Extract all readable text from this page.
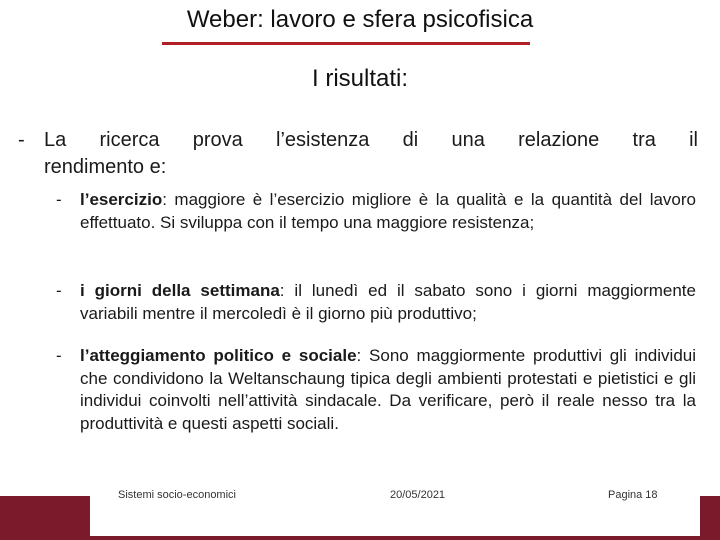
Weber: lavoro e sfera psicofisica
I risultati:
- La ricerca prova l’esistenza di una relazione tra il
rendimento e:
- l’esercizio: maggiore è l’esercizio migliore è la qualità e la quantità del lavoro effettuato. Si sviluppa con il tempo una maggiore resistenza;
- i giorni della settimana: il lunedì ed il sabato sono i giorni maggiormente variabili mentre il mercoledì è il giorno più produttivo;
- l’atteggiamento politico e sociale: Sono maggiormente produttivi gli individui che condividono la Weltanschaung tipica degli ambienti protestati e pietistici e gli individui coinvolti nell’attività sindacale. Da verificare, però il reale nesso tra la produttività e questi aspetti sociali.
Sistemi socio-economici	20/05/2021	Pagina 18
